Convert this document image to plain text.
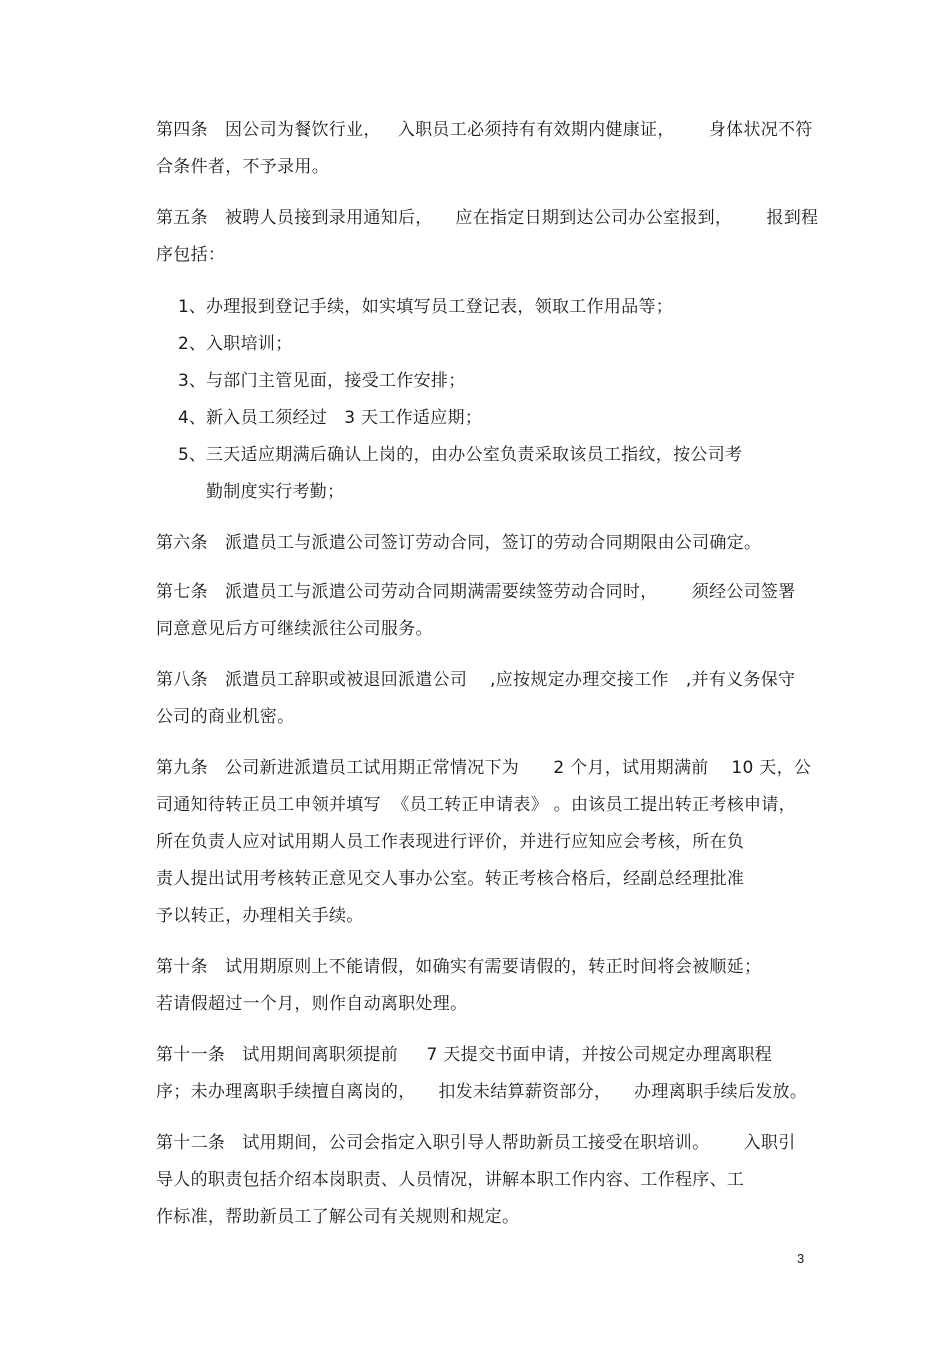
第四条   因公司为餐饮行业，   入职员工必须持有有效期内健康证，      身体状况不符
合条件者，不予录用。
第五条   被聘人员接到录用通知后，    应在指定日期到达公司办公室报到，      报到程
序包括：
1、 办理报到登记手续，如实填写员工登记表，领取工作用品等；
2、 入职培训；
3、 与部门主管见面，接受工作安排；
4、 新入员工须经过   3 天工作适应期；
5、 三天适应期满后确认上岗的，由办公室负责采取该员工指纹，按公司考
勤制度实行考勤；
第六条   派遣员工与派遣公司签订劳动合同，签订的劳动合同期限由公司确定。
第七条   派遣员工与派遣公司劳动合同期满需要续签劳动合同时，      须经公司签署
同意意见后方可继续派往公司服务。
第八条   派遣员工辞职或被退回派遣公司    ,应按规定办理交接工作   ,并有义务保守
公司的商业机密。
第九条   公司新进派遣员工试用期正常情况下为      2 个月，试用期满前    10 天，公
司通知待转正员工申领并填写  《员工转正申请表》 。由该员工提出转正考核申请，
所在负责人应对试用期人员工作表现进行评价，并进行应知应会考核，所在负
责人提出试用考核转正意见交人事办公室。转正考核合格后，经副总经理批准
予以转正，办理相关手续。
第十条   试用期原则上不能请假，如确实有需要请假的，转正时间将会被顺延；
若请假超过一个月，则作自动离职处理。
第十一条   试用期间离职须提前     7 天提交书面申请，并按公司规定办理离职程
序；未办理离职手续擅自离岗的，    扣发未结算薪资部分，    办理离职手续后发放。
第十二条   试用期间，公司会指定入职引导人帮助新员工接受在职培训。      入职引
导人的职责包括介绍本岗职责、人员情况，讲解本职工作内容、工作程序、工
作标准，帮助新员工了解公司有关规则和规定。
3
